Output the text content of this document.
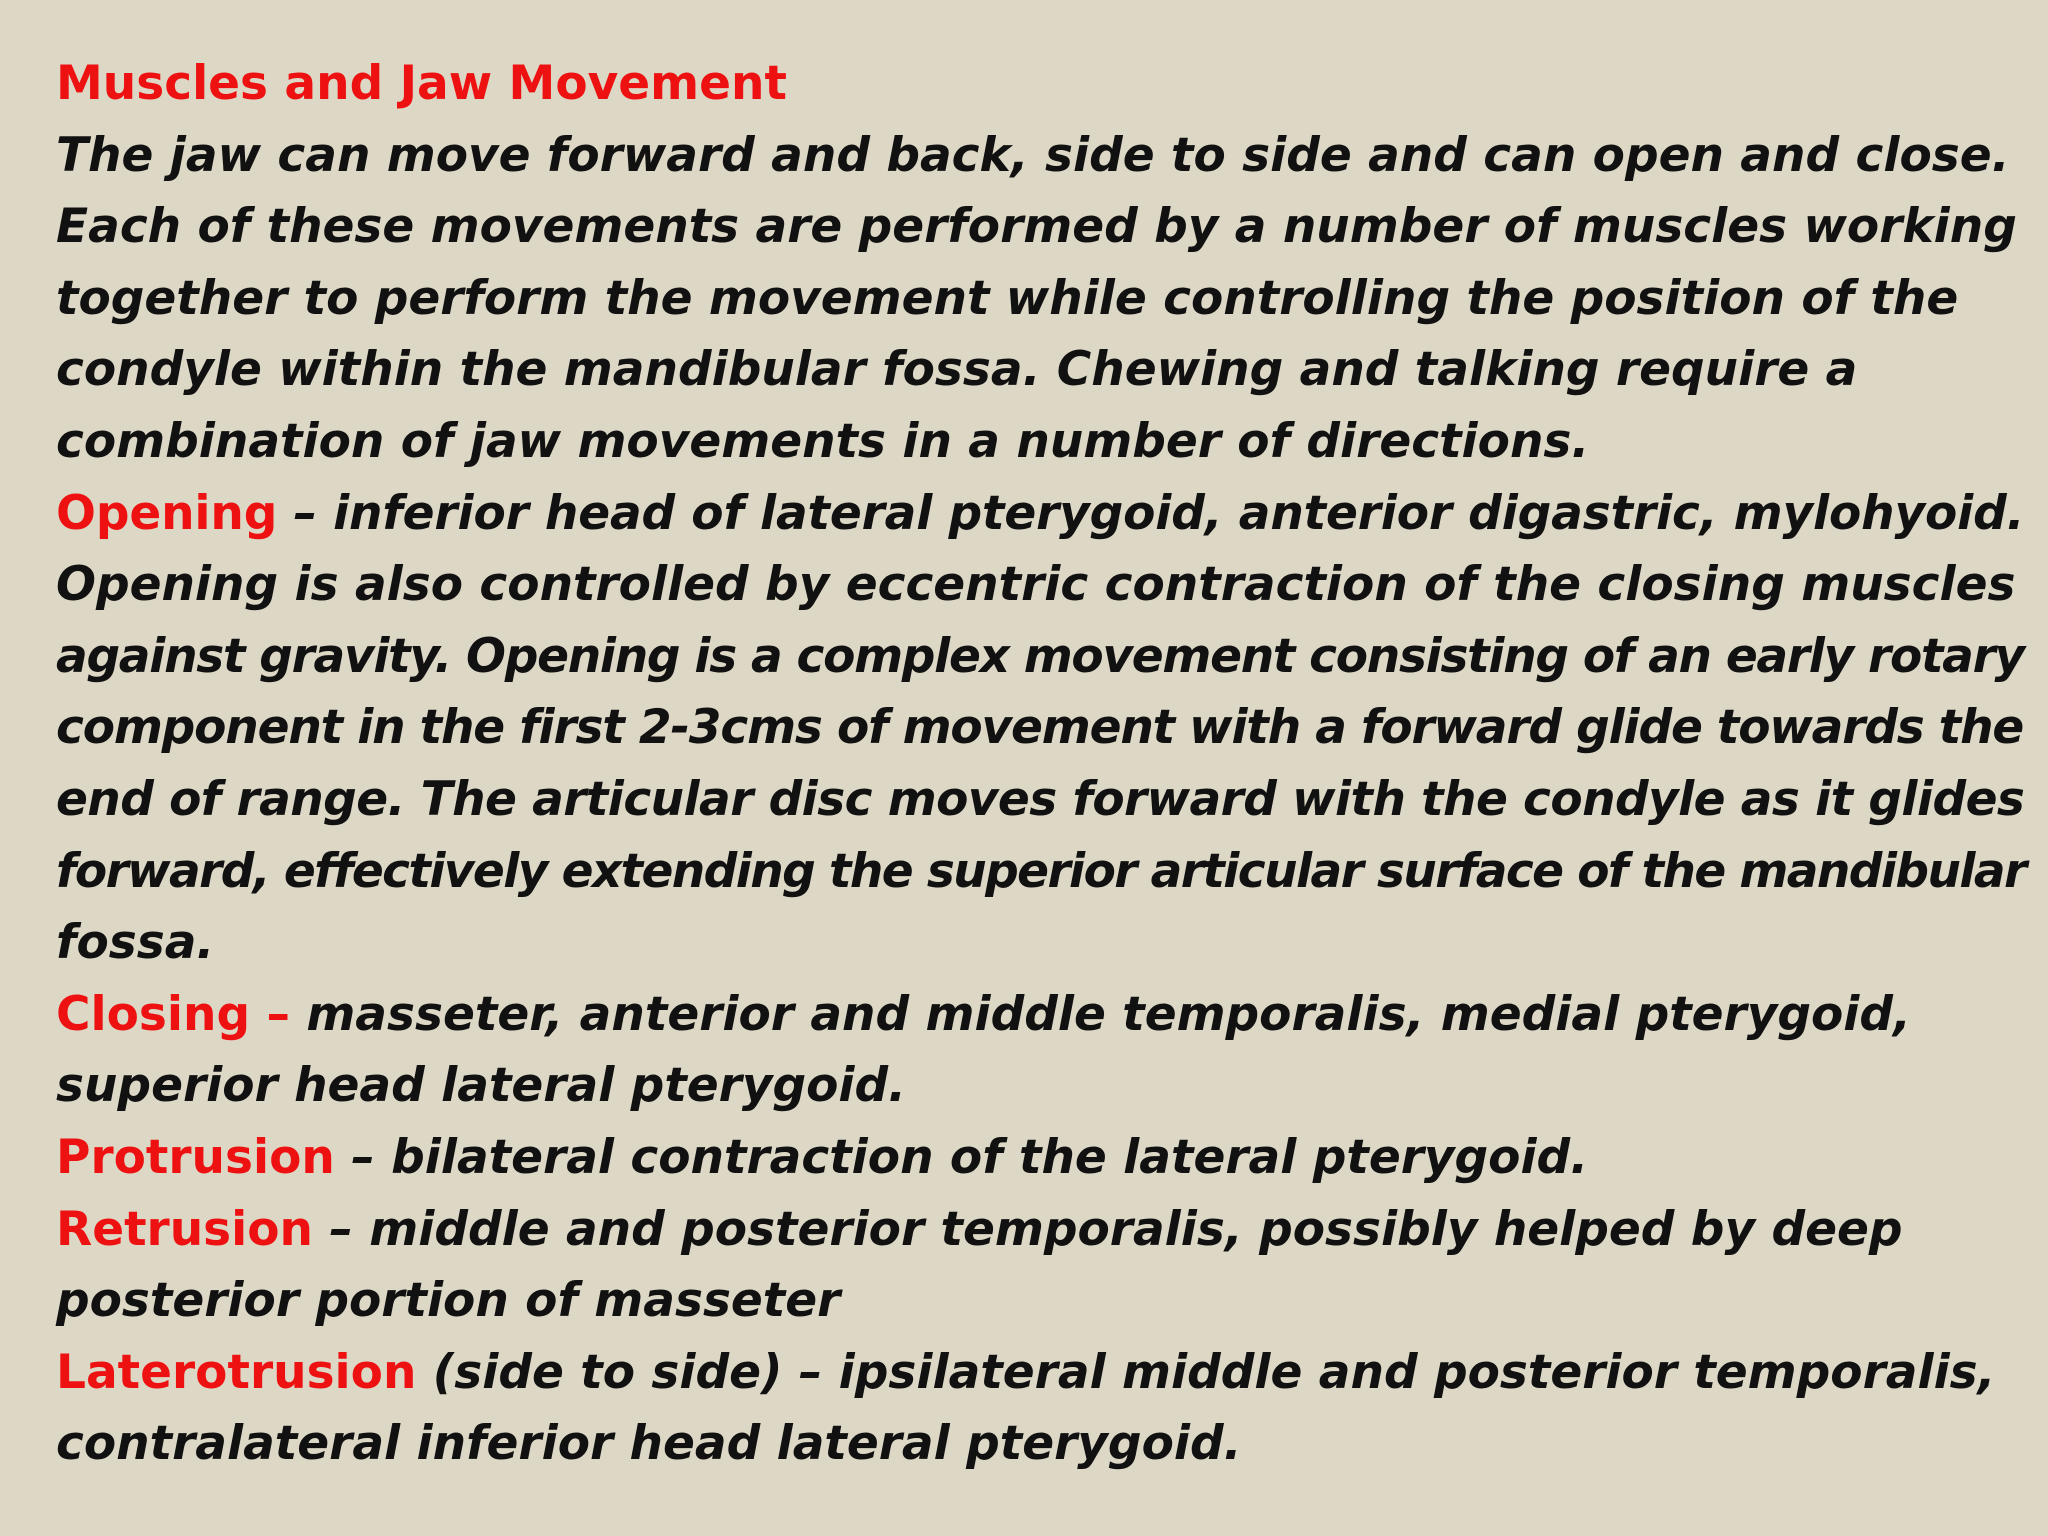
Muscles and Jaw Movement
The jaw can move forward and back, side to side and can open and close.
Each of these movements are performed by a number of muscles working
together to perform the movement while controlling the position of the
condyle within the mandibular fossa. Chewing and talking require a
combination of jaw movements in a number of directions.
Opening – inferior head of lateral pterygoid, anterior digastric, mylohyoid.
Opening is also controlled by eccentric contraction of the closing muscles
against gravity. Opening is a complex movement consisting of an early rotary
component in the first 2-3cms of movement with a forward glide towards the
end of range. The articular disc moves forward with the condyle as it glides
forward, effectively extending the superior articular surface of the mandibular
fossa.
Closing – masseter, anterior and middle temporalis, medial pterygoid,
superior head lateral pterygoid.
Protrusion – bilateral contraction of the lateral pterygoid.
Retrusion – middle and posterior temporalis, possibly helped by deep
posterior portion of masseter
Laterotrusion (side to side) – ipsilateral middle and posterior temporalis,
contralateral inferior head lateral pterygoid.
